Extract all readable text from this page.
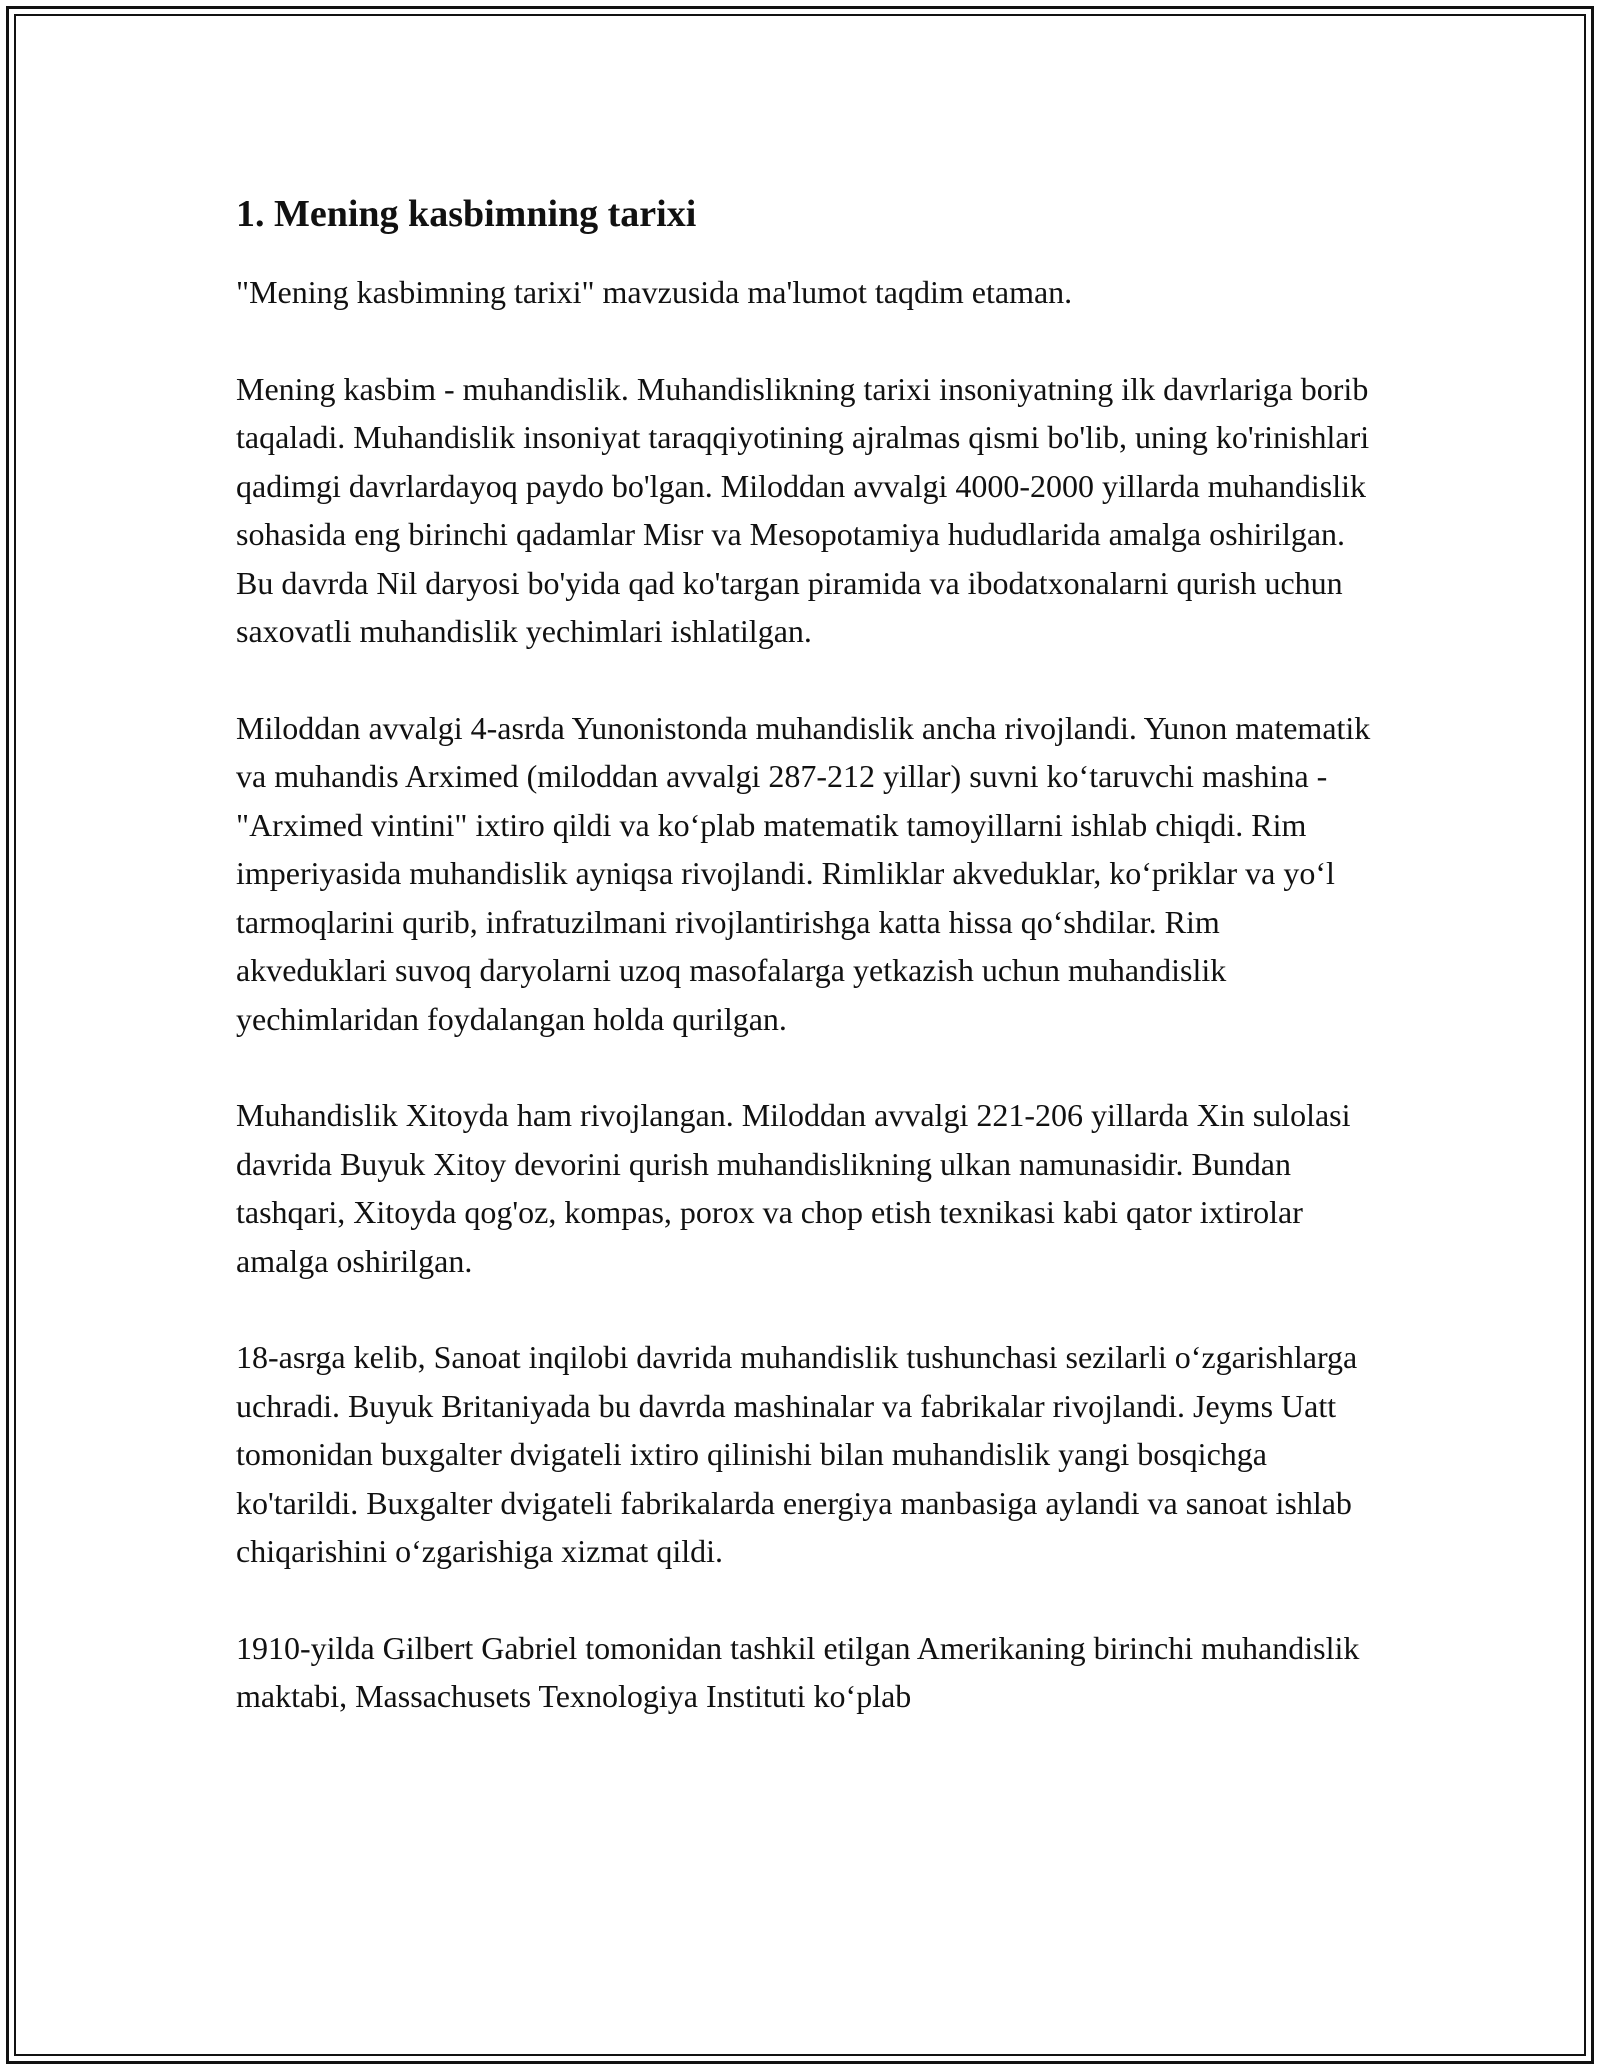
1. Mening kasbimning tarixi

"Mening kasbimning tarixi" mavzusida ma'lumot taqdim etaman.

Mening kasbim - muhandislik. Muhandislikning tarixi insoniyatning ilk davrlariga borib taqaladi. Muhandislik insoniyat taraqqiyotining ajralmas qismi bo'lib, uning ko'rinishlari qadimgi davrlardayoq paydo bo'lgan. Miloddan avvalgi 4000-2000 yillarda muhandislik sohasida eng birinchi qadamlar Misr va Mesopotamiya hududlarida amalga oshirilgan. Bu davrda Nil daryosi bo'yida qad ko'targan piramida va ibodatxonalarni qurish uchun saxovatli muhandislik yechimlari ishlatilgan.

Miloddan avvalgi 4-asrda Yunonistonda muhandislik ancha rivojlandi. Yunon matematik va muhandis Arximed (miloddan avvalgi 287-212 yillar) suvni koʻtaruvchi mashina - "Arximed vintini" ixtiro qildi va koʻplab matematik tamoyillarni ishlab chiqdi. Rim imperiyasida muhandislik ayniqsa rivojlandi. Rimliklar akveduklar, koʻpriklar va yoʻl tarmoqlarini qurib, infratuzilmani rivojlantirishga katta hissa qoʻshdilar. Rim akveduklari suvoq daryolarni uzoq masofalarga yetkazish uchun muhandislik yechimlaridan foydalangan holda qurilgan.

Muhandislik Xitoyda ham rivojlangan. Miloddan avvalgi 221-206 yillarda Xin sulolasi davrida Buyuk Xitoy devorini qurish muhandislikning ulkan namunasidir. Bundan tashqari, Xitoyda qog'oz, kompas, porox va chop etish texnikasi kabi qator ixtirolar amalga oshirilgan.

18-asrga kelib, Sanoat inqilobi davrida muhandislik tushunchasi sezilarli oʻzgarishlarga uchradi. Buyuk Britaniyada bu davrda mashinalar va fabrikalar rivojlandi. Jeyms Uatt tomonidan buxgalter dvigateli ixtiro qilinishi bilan muhandislik yangi bosqichga ko'tarildi. Buxgalter dvigateli fabrikalarda energiya manbasiga aylandi va sanoat ishlab chiqarishini oʻzgarishiga xizmat qildi.

1910-yilda Gilbert Gabriel tomonidan tashkil etilgan Amerikaning birinchi muhandislik maktabi, Massachusets Texnologiya Instituti koʻplab
